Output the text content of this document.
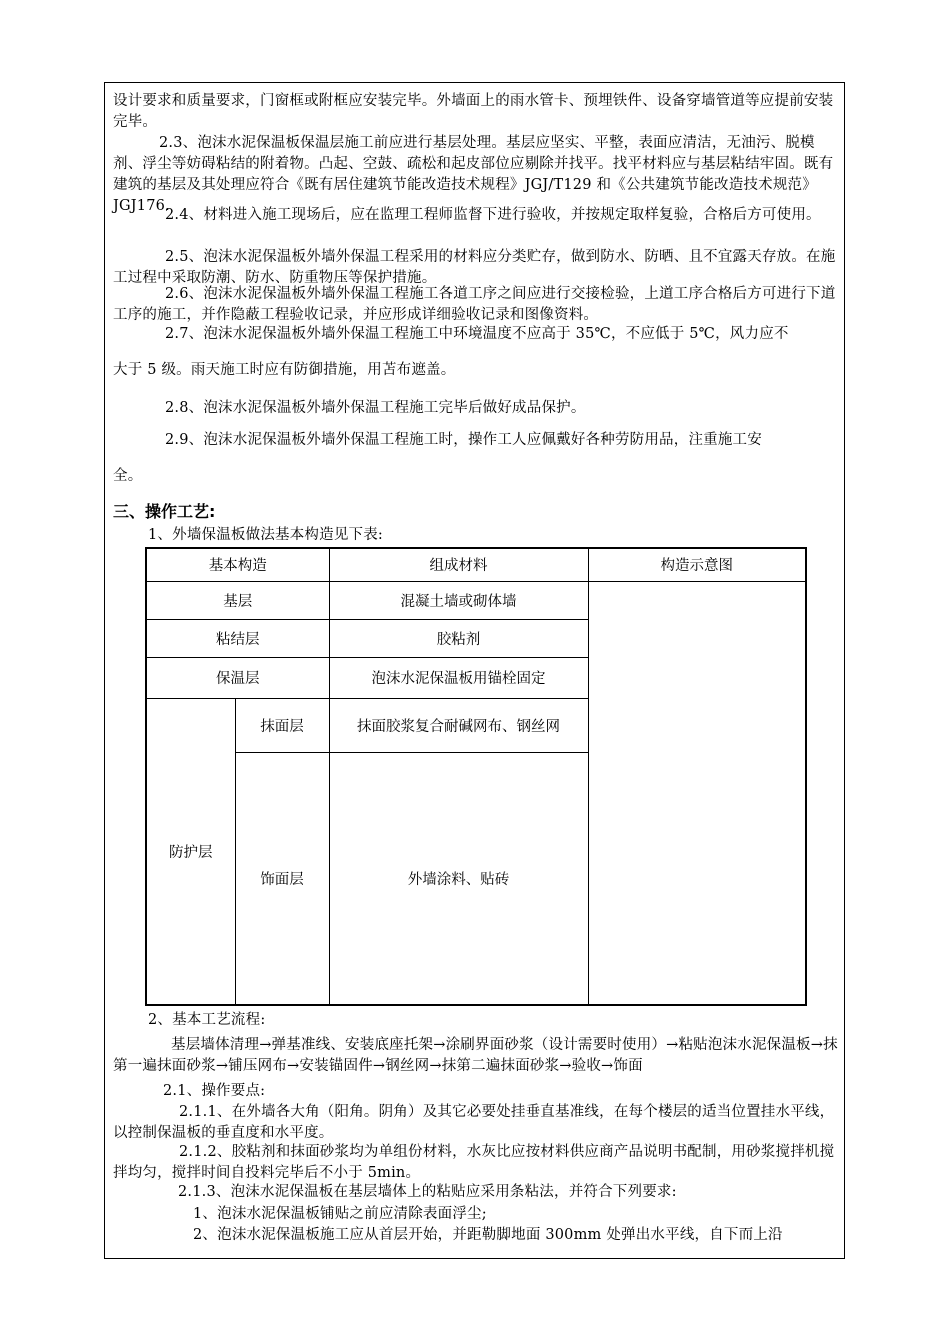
设计要求和质量要求，门窗框或附框应安装完毕。外墙面上的雨水管卡、预埋铁件、设备穿墙管道等应提前安装完毕。

2.3、泡沫水泥保温板保温层施工前应进行基层处理。基层应坚实、平整，表面应清洁，无油污、脱模剂、浮尘等妨碍粘结的附着物。凸起、空鼓、疏松和起皮部位应剔除并找平。找平材料应与基层粘结牢固。既有建筑的基层及其处理应符合《既有居住建筑节能改造技术规程》JGJ/T129 和《公共建筑节能改造技术规范》JGJ176.

2.4、材料进入施工现场后，应在监理工程师监督下进行验收，并按规定取样复验，合格后方可使用。

2.5、泡沫水泥保温板外墙外保温工程采用的材料应分类贮存，做到防水、防晒、且不宜露天存放。在施工过程中采取防潮、防水、防重物压等保护措施。

2.6、泡沫水泥保温板外墙外保温工程施工各道工序之间应进行交接检验，上道工序合格后方可进行下道工序的施工，并作隐蔽工程验收记录，并应形成详细验收记录和图像资料。

2.7、泡沫水泥保温板外墙外保温工程施工中环境温度不应高于 35℃，不应低于 5℃，风力应不

大于 5 级。雨天施工时应有防御措施，用苫布遮盖。

2.8、泡沫水泥保温板外墙外保温工程施工完毕后做好成品保护。

2.9、泡沫水泥保温板外墙外保温工程施工时，操作工人应佩戴好各种劳防用品，注重施工安

全。

三、操作工艺:

1、外墙保温板做法基本构造见下表:

基本构造		组成材料	构造示意图
基层		混凝土墙或砌体墙	
粘结层		胶粘剂	
保温层		泡沫水泥保温板用锚栓固定	
防护层	抹面层	抹面胶浆复合耐碱网布、钢丝网	
	饰面层	外墙涂料、贴砖	

2、基本工艺流程:

基层墙体清理→弹基准线、安装底座托架→涂刷界面砂浆（设计需要时使用）→粘贴泡沫水泥保温板→抹第一遍抹面砂浆→铺压网布→安装锚固件→钢丝网→抹第二遍抹面砂浆→验收→饰面

2.1、操作要点:

2.1.1、在外墙各大角（阳角。阴角）及其它必要处挂垂直基准线，在每个楼层的适当位置挂水平线，以控制保温板的垂直度和水平度。

2.1.2、胶粘剂和抹面砂浆均为单组份材料，水灰比应按材料供应商产品说明书配制，用砂浆搅拌机搅拌均匀，搅拌时间自投料完毕后不小于 5min。

2.1.3、泡沫水泥保温板在基层墙体上的粘贴应采用条粘法，并符合下列要求:

1、泡沫水泥保温板铺贴之前应清除表面浮尘;

2、泡沫水泥保温板施工应从首层开始，并距勒脚地面 300mm 处弹出水平线，自下而上沿
